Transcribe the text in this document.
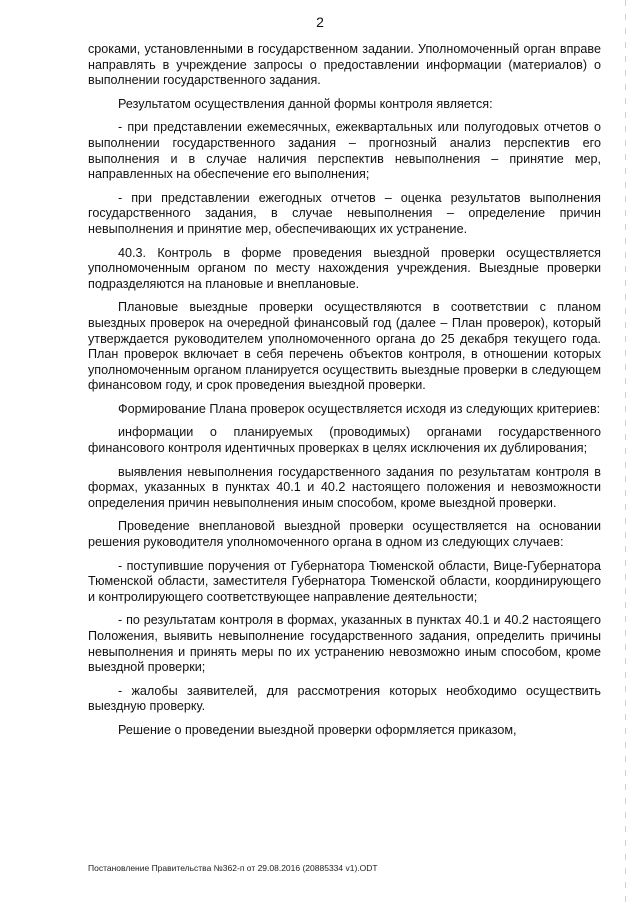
2

сроками, установленными в государственном задании. Уполномоченный орган вправе направлять в учреждение запросы о предоставлении информации (материалов) о выполнении государственного задания.

Результатом осуществления данной формы контроля является:

- при представлении ежемесячных, ежеквартальных или полугодовых отчетов о выполнении государственного задания – прогнозный анализ перспектив его выполнения и в случае наличия перспектив невыполнения – принятие мер, направленных на обеспечение его выполнения;

- при представлении ежегодных отчетов – оценка результатов выполнения государственного задания, в случае невыполнения – определение причин невыполнения и принятие мер, обеспечивающих их устранение.

40.3. Контроль в форме проведения выездной проверки осуществляется уполномоченным органом по месту нахождения учреждения. Выездные проверки подразделяются на плановые и внеплановые.

Плановые выездные проверки осуществляются в соответствии с планом выездных проверок на очередной финансовый год (далее – План проверок), который утверждается руководителем уполномоченного органа до 25 декабря текущего года. План проверок включает в себя перечень объектов контроля, в отношении которых уполномоченным органом планируется осуществить выездные проверки в следующем финансовом году, и срок проведения выездной проверки.

Формирование Плана проверок осуществляется исходя из следующих критериев:

информации о планируемых (проводимых) органами государственного финансового контроля идентичных проверках в целях исключения их дублирования;

выявления невыполнения государственного задания по результатам контроля в формах, указанных в пунктах 40.1 и 40.2 настоящего положения и невозможности определения причин невыполнения иным способом, кроме выездной проверки.

Проведение внеплановой выездной проверки осуществляется на основании решения руководителя уполномоченного органа в одном из следующих случаев:

- поступившие поручения от Губернатора Тюменской области, Вице-Губернатора Тюменской области, заместителя Губернатора Тюменской области, координирующего и контролирующего соответствующее направление деятельности;

- по результатам контроля в формах, указанных в пунктах 40.1 и 40.2 настоящего Положения, выявить невыполнение государственного задания, определить причины невыполнения и принять меры по их устранению невозможно иным способом, кроме выездной проверки;

- жалобы заявителей, для рассмотрения которых необходимо осуществить выездную проверку.

Решение о проведении выездной проверки оформляется приказом,

Постановление Правительства №362-п от 29.08.2016 (20885334 v1).ODT
